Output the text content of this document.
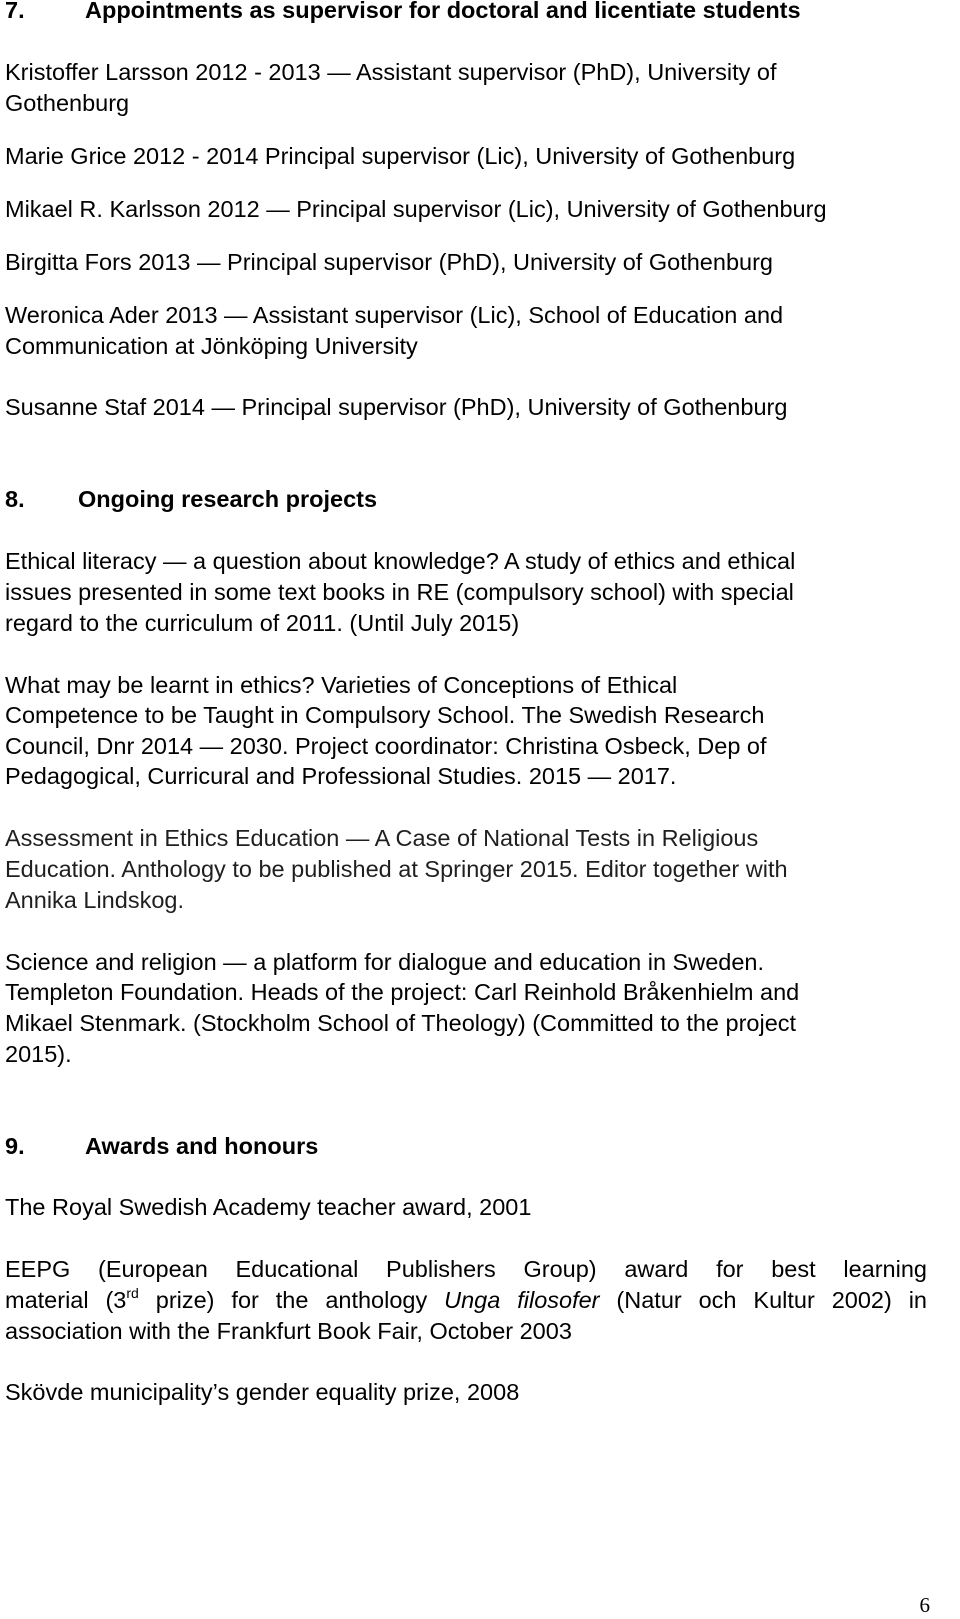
7.	Appointments as supervisor for doctoral and licentiate students
Kristoffer Larsson 2012 - 2013 — Assistant supervisor (PhD), University of
Gothenburg
Marie Grice 2012 - 2014 Principal supervisor (Lic), University of Gothenburg
Mikael R. Karlsson 2012 — Principal supervisor (Lic), University of Gothenburg
Birgitta Fors 2013 — Principal supervisor (PhD), University of Gothenburg
Weronica Ader 2013 — Assistant supervisor (Lic), School of Education and
Communication at Jönköping University
Susanne Staf 2014 — Principal supervisor (PhD), University of Gothenburg
8. Ongoing research projects
Ethical literacy — a question about knowledge? A study of ethics and ethical
issues presented in some text books in RE (compulsory school) with special
regard to the curriculum of 2011. (Until July 2015)
What may be learnt in ethics? Varieties of Conceptions of Ethical
Competence to be Taught in Compulsory School. The Swedish Research
Council, Dnr 2014 — 2030. Project coordinator: Christina Osbeck, Dep of
Pedagogical, Curricural and Professional Studies. 2015 — 2017.
Assessment in Ethics Education — A Case of National Tests in Religious
Education. Anthology to be published at Springer 2015. Editor together with
Annika Lindskog.
Science and religion — a platform for dialogue and education in Sweden.
Templeton Foundation. Heads of the project: Carl Reinhold Bråkenhielm and
Mikael Stenmark. (Stockholm School of Theology) (Committed to the project
2015).
9.	Awards and honours
The Royal Swedish Academy teacher award, 2001
EEPG (European Educational Publishers Group) award for best learning
material (3rd prize) for the anthology Unga filosofer (Natur och Kultur 2002) in
association with the Frankfurt Book Fair, October 2003
Skövde municipality’s gender equality prize, 2008
6
